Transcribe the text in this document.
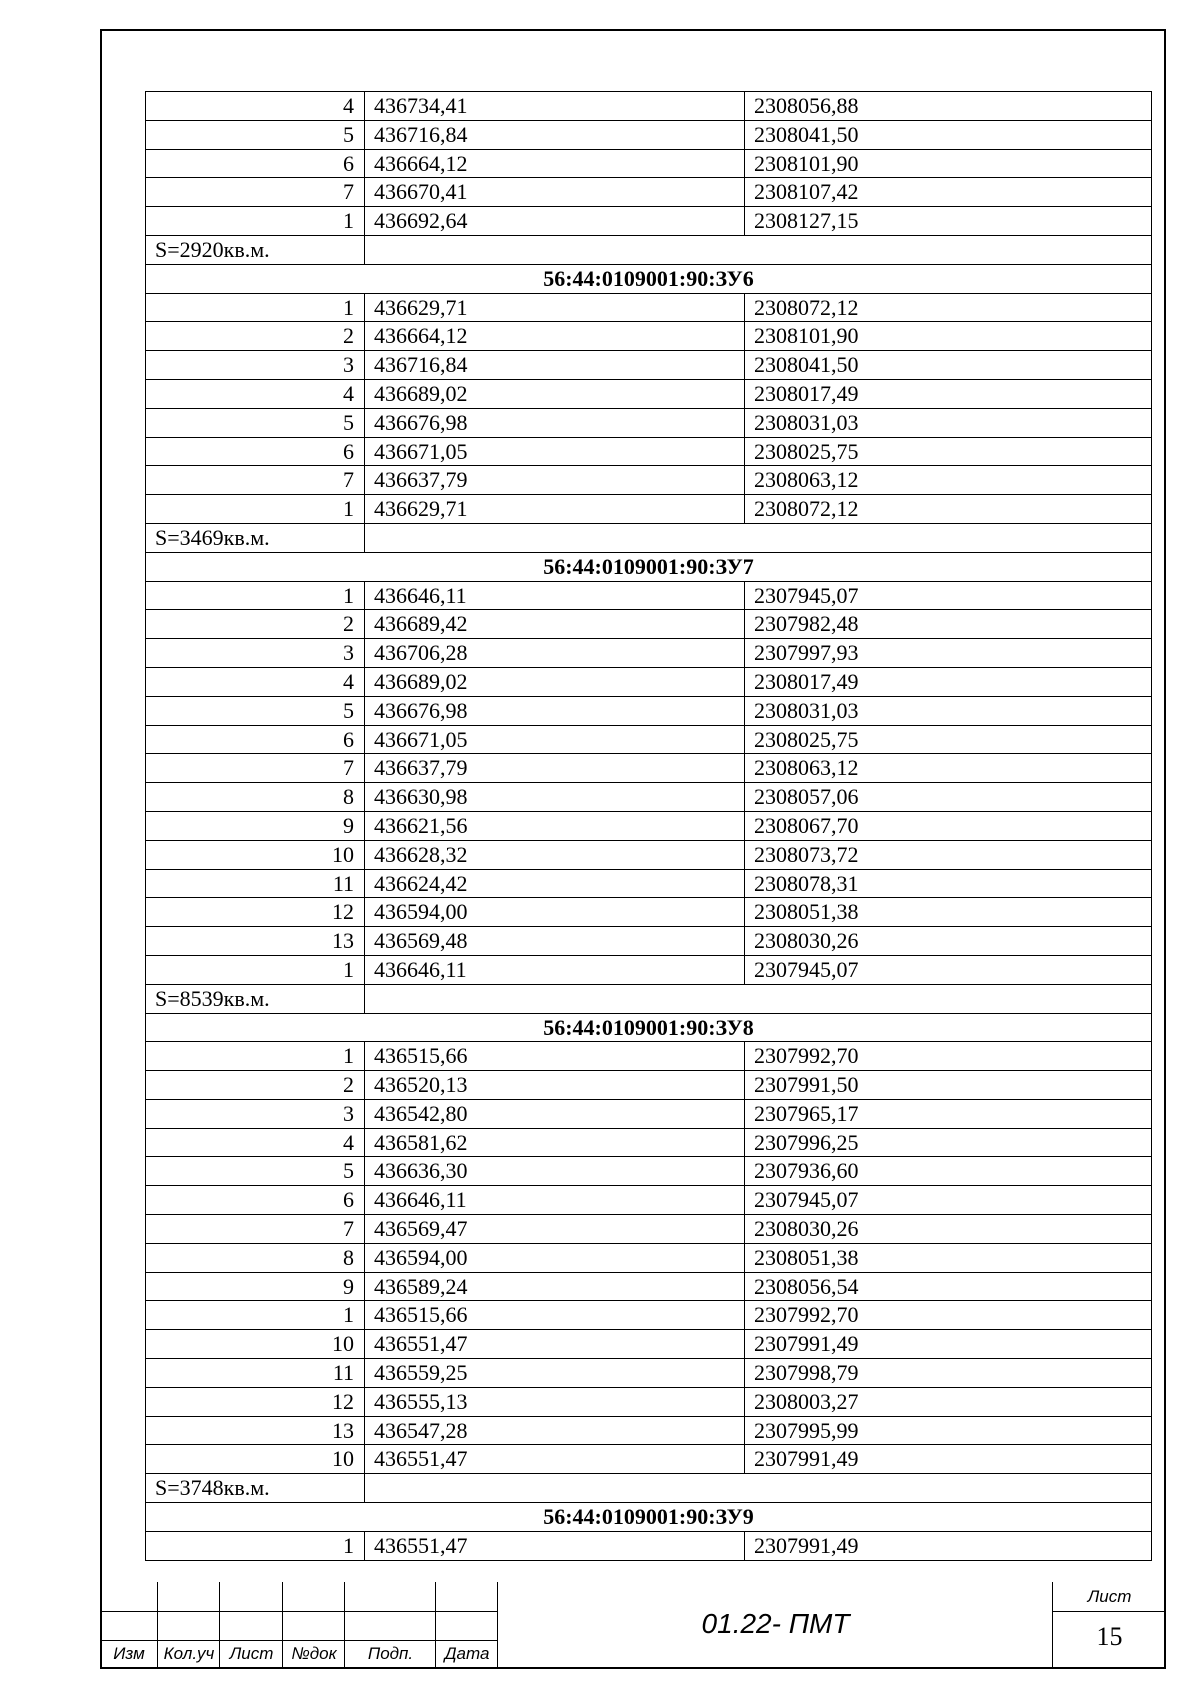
4	436734,41	2308056,88
5	436716,84	2308041,50
6	436664,12	2308101,90
7	436670,41	2308107,42
1	436692,64	2308127,15
S=2920кв.м.		
56:44:0109001:90:ЗУ6		
1	436629,71	2308072,12
2	436664,12	2308101,90
3	436716,84	2308041,50
4	436689,02	2308017,49
5	436676,98	2308031,03
6	436671,05	2308025,75
7	436637,79	2308063,12
1	436629,71	2308072,12
S=3469кв.м.		
56:44:0109001:90:ЗУ7		
1	436646,11	2307945,07
2	436689,42	2307982,48
3	436706,28	2307997,93
4	436689,02	2308017,49
5	436676,98	2308031,03
6	436671,05	2308025,75
7	436637,79	2308063,12
8	436630,98	2308057,06
9	436621,56	2308067,70
10	436628,32	2308073,72
11	436624,42	2308078,31
12	436594,00	2308051,38
13	436569,48	2308030,26
1	436646,11	2307945,07
S=8539кв.м.		
56:44:0109001:90:ЗУ8		
1	436515,66	2307992,70
2	436520,13	2307991,50
3	436542,80	2307965,17
4	436581,62	2307996,25
5	436636,30	2307936,60
6	436646,11	2307945,07
7	436569,47	2308030,26
8	436594,00	2308051,38
9	436589,24	2308056,54
1	436515,66	2307992,70
10	436551,47	2307991,49
11	436559,25	2307998,79
12	436555,13	2308003,27
13	436547,28	2307995,99
10	436551,47	2307991,49
S=3748кв.м.		
56:44:0109001:90:ЗУ9		
1	436551,47	2307991,49
Изм	Кол.уч Лист	№док	Подп.	Дата
01.22- ПМТ
Лист
15
